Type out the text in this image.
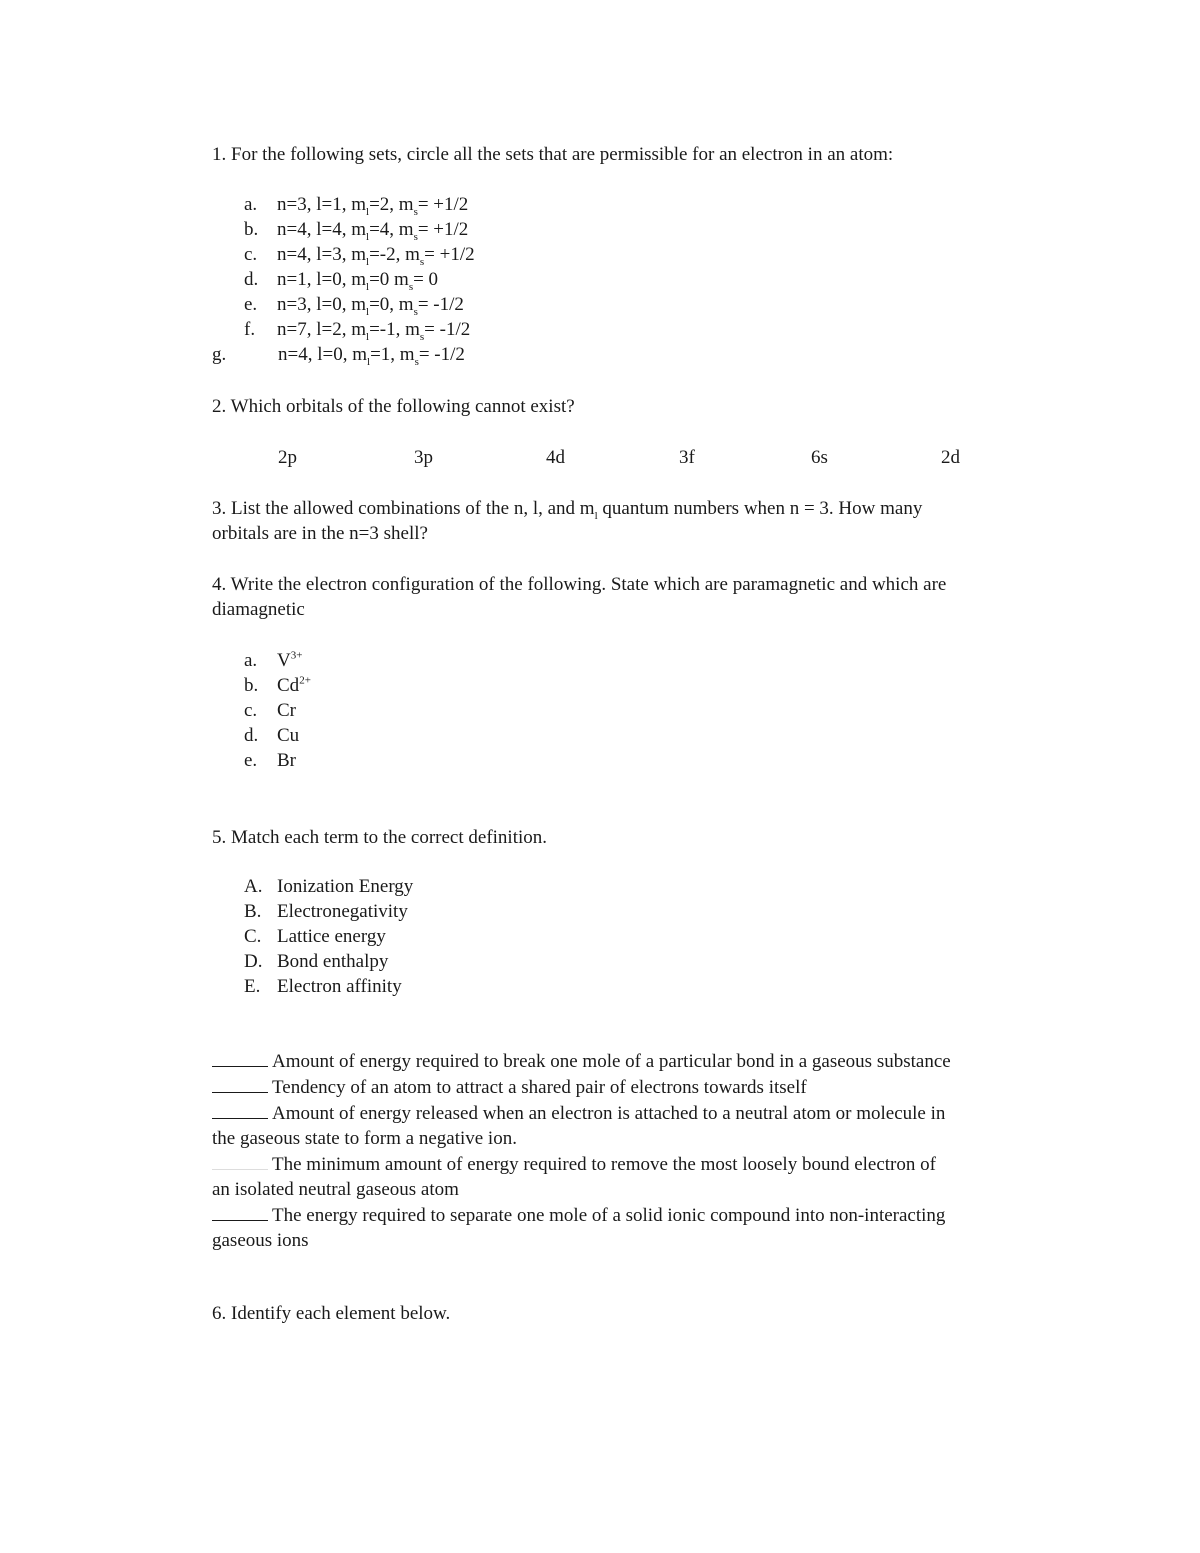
1. For the following sets, circle all the sets that are permissible for an electron in an atom:
a.	n=3, l=1, $m_l=2$, $m_s= +1/2$
b. n=4, l=4, $m_l=4$, $m_s= +1/2$
c.	n=4, l=3, $m_l=-2$, $m_s= +1/2$
d. n=1, l=0, $m_l=0$ $m_s= 0$
e.	n=3, l=0, $m_l=0$, $m_s= -1/2$
f.	n=7, l=2, $m_l=-1$, $m_s= -1/2$
g.	n=4, l=0, $m_l=1$, $m_s= -1/2$
2. Which orbitals of the following cannot exist?
2p	3p	4d	3f	6s	2d
3. List the allowed combinations of the n, l, and $m_l$ quantum numbers when n = 3. How many
orbitals are in the n=3 shell?
4. Write the electron configuration of the following. State which are paramagnetic and which are
diamagnetic
a.	$V^{3+}$
b. $Cd^{2+}$
c.	Cr
d. Cu
e.	Br
5. Match each term to the correct definition.
A. Ionization Energy
B. Electronegativity
C. Lattice energy
D. Bond enthalpy
E. Electron affinity
Amount of energy required to break one mole of a particular bond in a gaseous substance
Tendency of an atom to attract a shared pair of electrons towards itself
Amount of energy released when an electron is attached to a neutral atom or molecule in
the gaseous state to form a negative ion.
The minimum amount of energy required to remove the most loosely bound electron of
an isolated neutral gaseous atom
The energy required to separate one mole of a solid ionic compound into non-interacting
gaseous ions
6. Identify each element below.
